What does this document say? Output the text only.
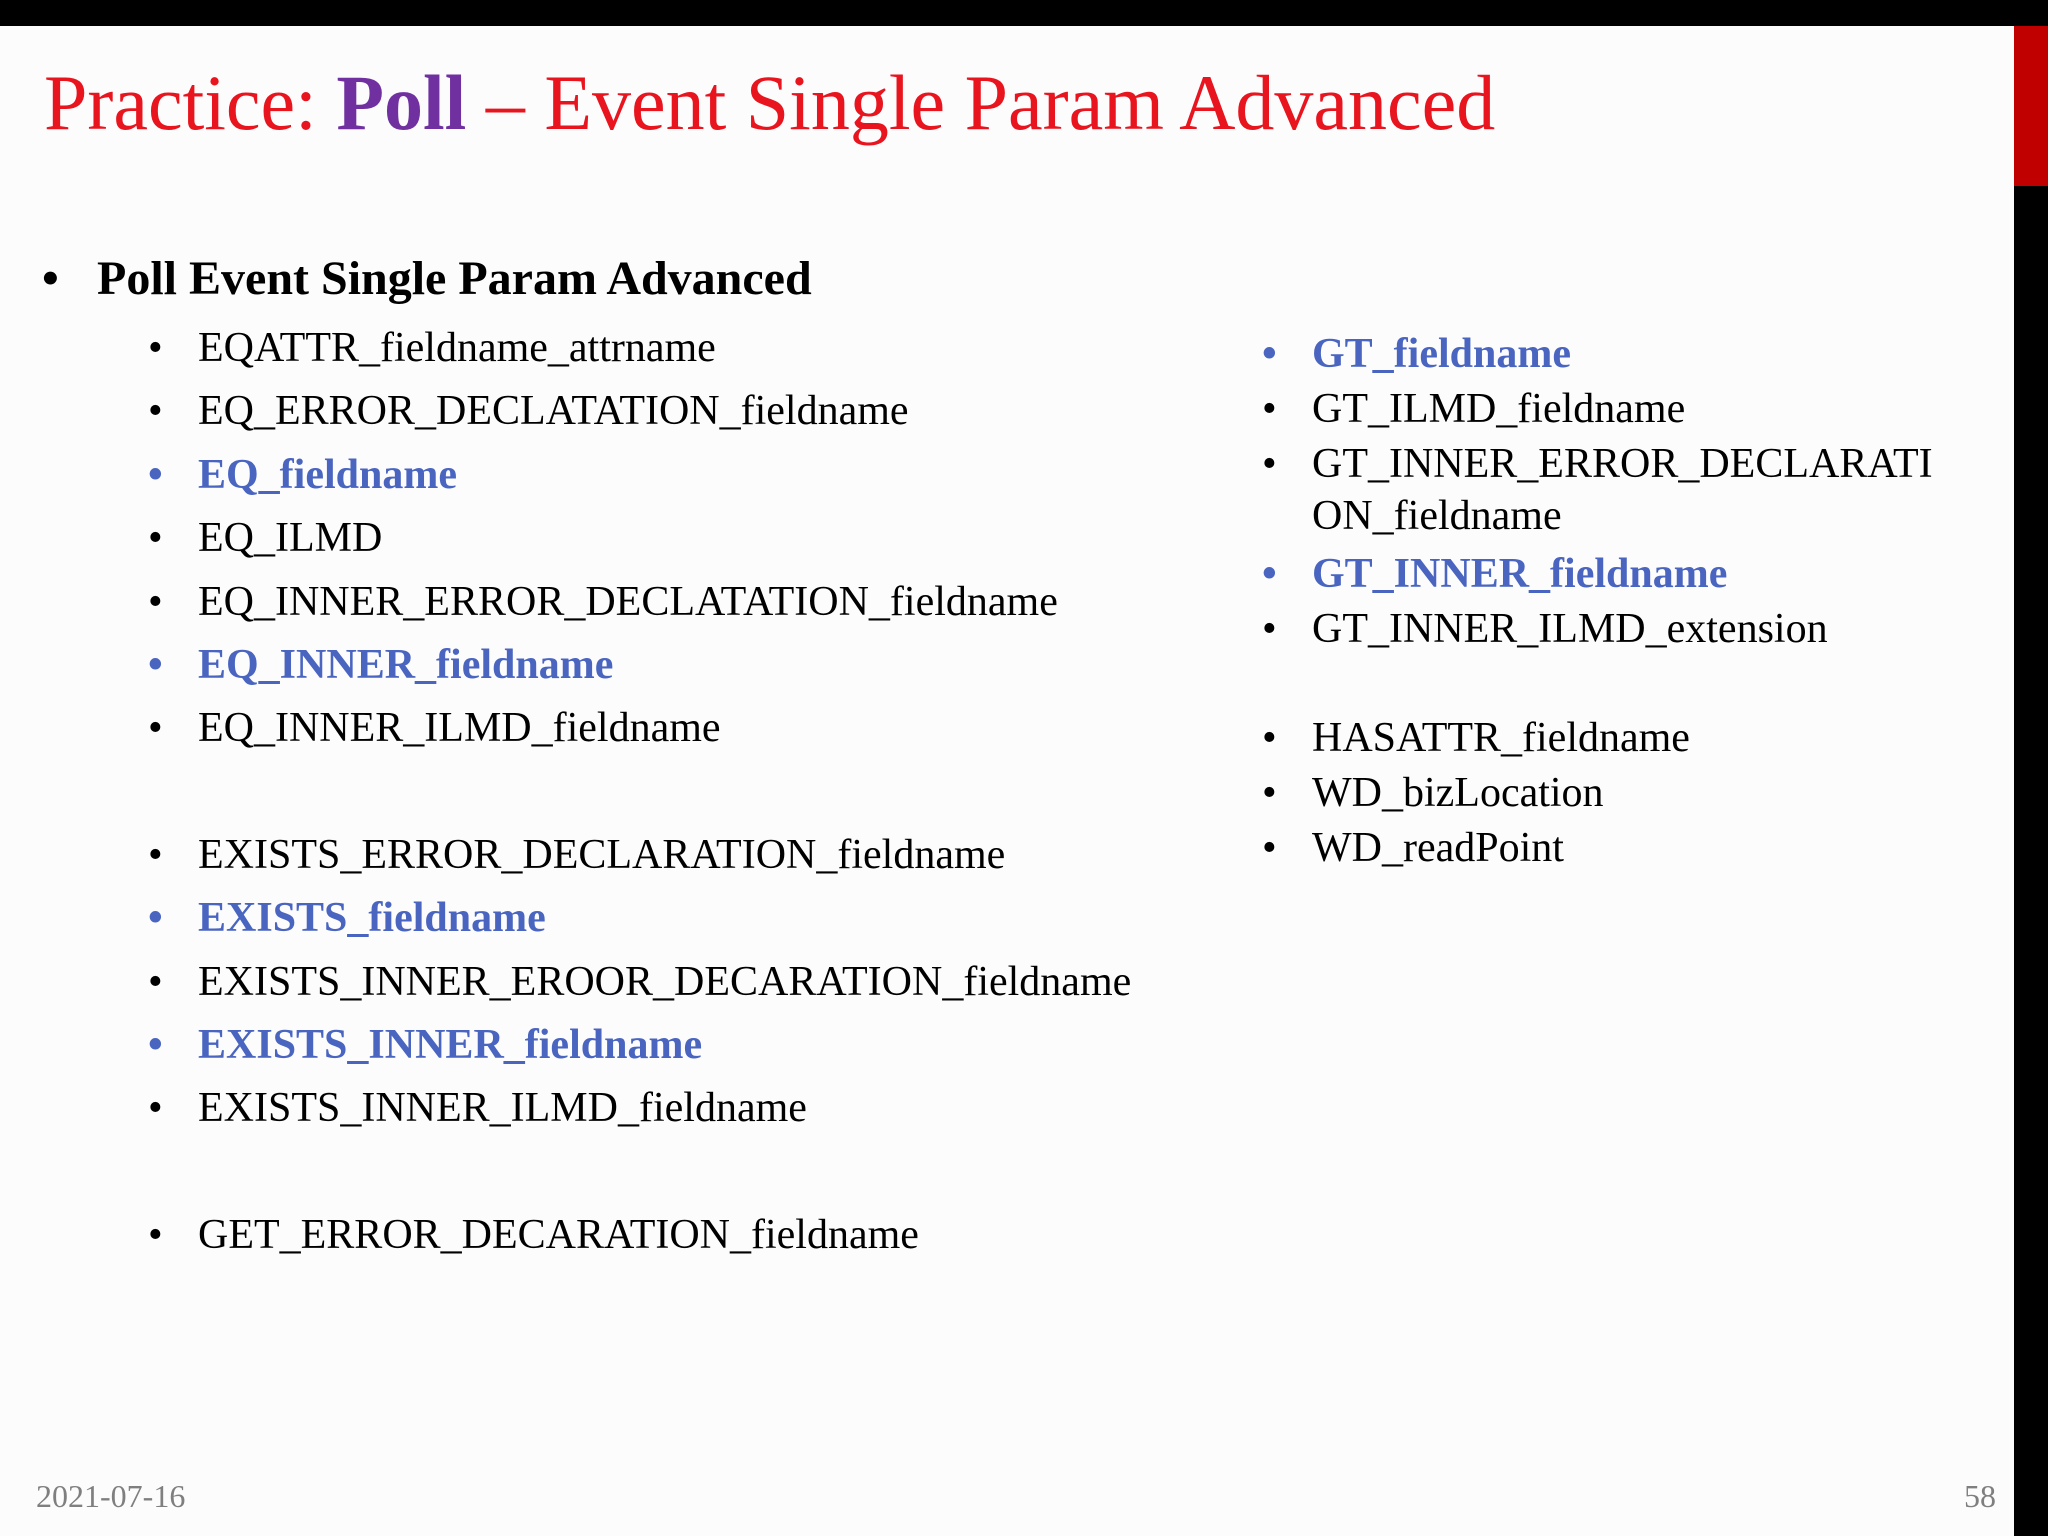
Practice: Poll – Event Single Param Advanced
• Poll Event Single Param Advanced
• EQATTR_fieldname_attrname
• EQ_ERROR_DECLATATION_fieldname
• EQ_fieldname
• EQ_ILMD
• EQ_INNER_ERROR_DECLATATION_fieldname
• EQ_INNER_fieldname
• EQ_INNER_ILMD_fieldname
• EXISTS_ERROR_DECLARATION_fieldname
• EXISTS_fieldname
• EXISTS_INNER_EROOR_DECARATION_fieldname
• EXISTS_INNER_fieldname
• EXISTS_INNER_ILMD_fieldname
• GET_ERROR_DECARATION_fieldname
• GT_fieldname
• GT_ILMD_fieldname
• GT_INNER_ERROR_DECLARATI ON_fieldname
• GT_INNER_fieldname
• GT_INNER_ILMD_extension
• HASATTR_fieldname
• WD_bizLocation
• WD_readPoint
2021-07-16	58
